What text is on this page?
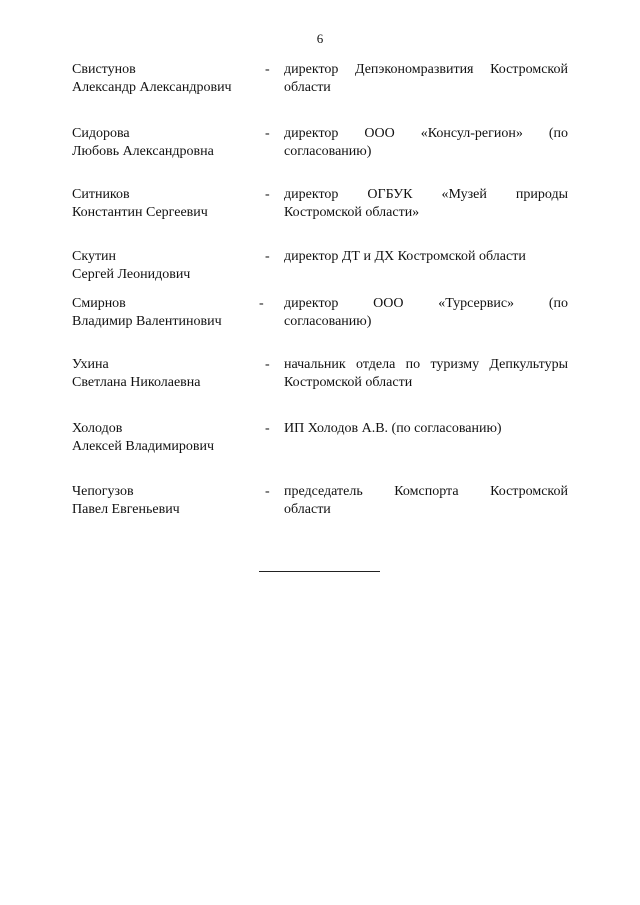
6
Свистунов
Александр Александрович
- директор Депэкономразвития Костромской
области
Сидорова
Любовь Александровна
- директор ООО «Консул-регион» (по
согласованию)
Ситников
Константин Сергеевич
- директор ОГБУК «Музей природы
Костромской области»
Скутин
Сергей Леонидович
- директор ДТ и ДХ Костромской области
Смирнов
Владимир Валентинович
- директор ООО «Турсервис» (по
согласованию)
Ухина
Светлана Николаевна
- начальник отдела по туризму Депкультуры
Костромской области
Холодов
Алексей Владимирович
- ИП Холодов А.В. (по согласованию)
Чепогузов
Павел Евгеньевич
- председатель Комспорта Костромской
области
